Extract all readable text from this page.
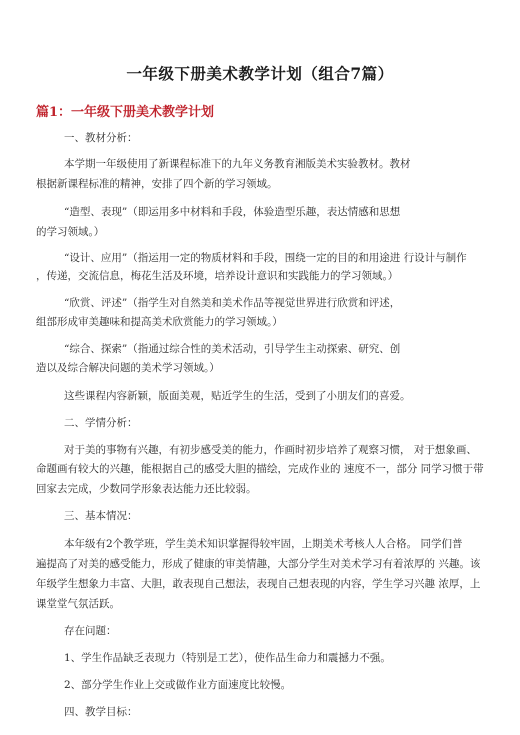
一年级下册美术教学计划（组合7篇）
篇1：一年级下册美术教学计划
一、教材分析：
本学期一年级使用了新课程标准下的九年义务教育湘版美术实验教材。教材
根据新课程标准的精神，安排了四个新的学习领域。
“造型、表现”（即运用多中材料和手段，体验造型乐趣，表达情感和思想
的学习领域。）
“设计、应用”（指运用一定的物质材料和手段，围绕一定的目的和用途进 行设计与制作
，传递，交流信息，梅花生活及环境，培养设计意识和实践能力的学习领域。）
“欣赏、评述”（指学生对自然美和美术作品等视觉世界进行欣赏和评述，
组部形成审美趣味和提高美术欣赏能力的学习领域。）
“综合、探索”（指通过综合性的美术活动，引导学生主动探索、研究、创
造以及综合解决问题的美术学习领域。）
这些课程内容新颖，版面美观，贴近学生的生活，受到了小朋友们的喜爱。
二、学情分析：
对于美的事物有兴趣，有初步感受美的能力，作画时初步培养了观察习惯， 对于想象画、
命题画有较大的兴趣，能根据自己的感受大胆的描绘，完成作业的 速度不一，部分 同学习惯于带
回家去完成，少数同学形象表达能力还比较弱。
三、基本情况：
本年级有2个教学班，学生美术知识掌握得较牢固，上期美术考核人人合格。 同学们普
遍提高了对美的感受能力，形成了健康的审美情趣，大部分学生对美术学习有着浓厚的 兴趣。该
年级学生想象力丰富、大胆，敢表现自己想法，表现自己想表现的内容，学生学习兴趣 浓厚，上
课堂堂气氛活跃。
存在问题：
1、学生作品缺乏表现力（特别是工艺），使作品生命力和震撼力不强。
2、部分学生作业上交或做作业方面速度比较慢。
四、教学目标：
